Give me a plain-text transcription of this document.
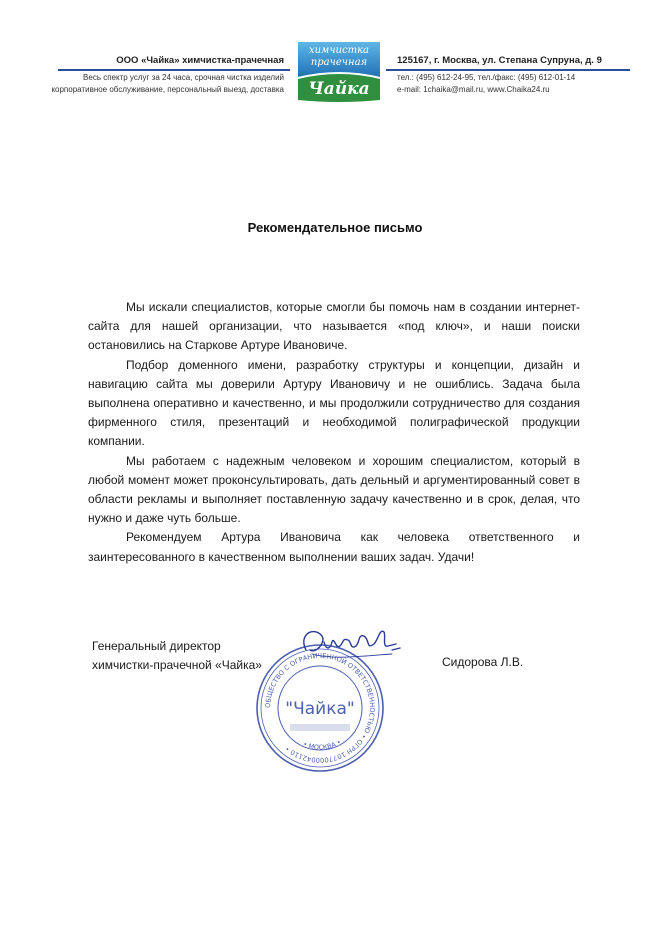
ООО «Чайка» химчистка-прачечная
Весь спектр услуг за 24 часа, срочная чистка изделий
корпоративное обслуживание, персональный выезд, доставка
химчистка
прачечная
Чайка
125167, г. Москва, ул. Степана Супруна, д. 9
тел.: (495) 612-24-95, тел./факс: (495) 612-01-14
e-mail: 1chaika@mail.ru, www.Chaika24.ru
Рекомендательное письмо

Мы искали специалистов, которые смогли бы помочь нам в создании интернет-сайта для нашей организации, что называется «под ключ», и наши поиски остановились на Старкове Артуре Ивановиче.

Подбор доменного имени, разработку структуры и концепции, дизайн и навигацию сайта мы доверили Артуру Ивановичу и не ошиблись. Задача была выполнена оперативно и качественно, и мы продолжили сотрудничество для создания фирменного стиля, презентаций и необходимой полиграфической продукции компании.

Мы работаем с надежным человеком и хорошим специалистом, который в любой момент может проконсультировать, дать дельный и аргументированный совет в области рекламы и выполняет поставленную задачу качественно и в срок, делая, что нужно и даже чуть больше.

Рекомендуем Артура Ивановича как человека ответственного и заинтересованного в качественном выполнении ваших задач. Удачи!

Генеральный директор
химчистки-прачечной «Чайка»	Сидорова Л.В.
ОБЩЕСТВО С ОГРАНИЧЕННОЙ ОТВЕТСТВЕННОСТЬЮ • ОГРН 1077000042110 •	• МОСКВА •
"Чайка"
